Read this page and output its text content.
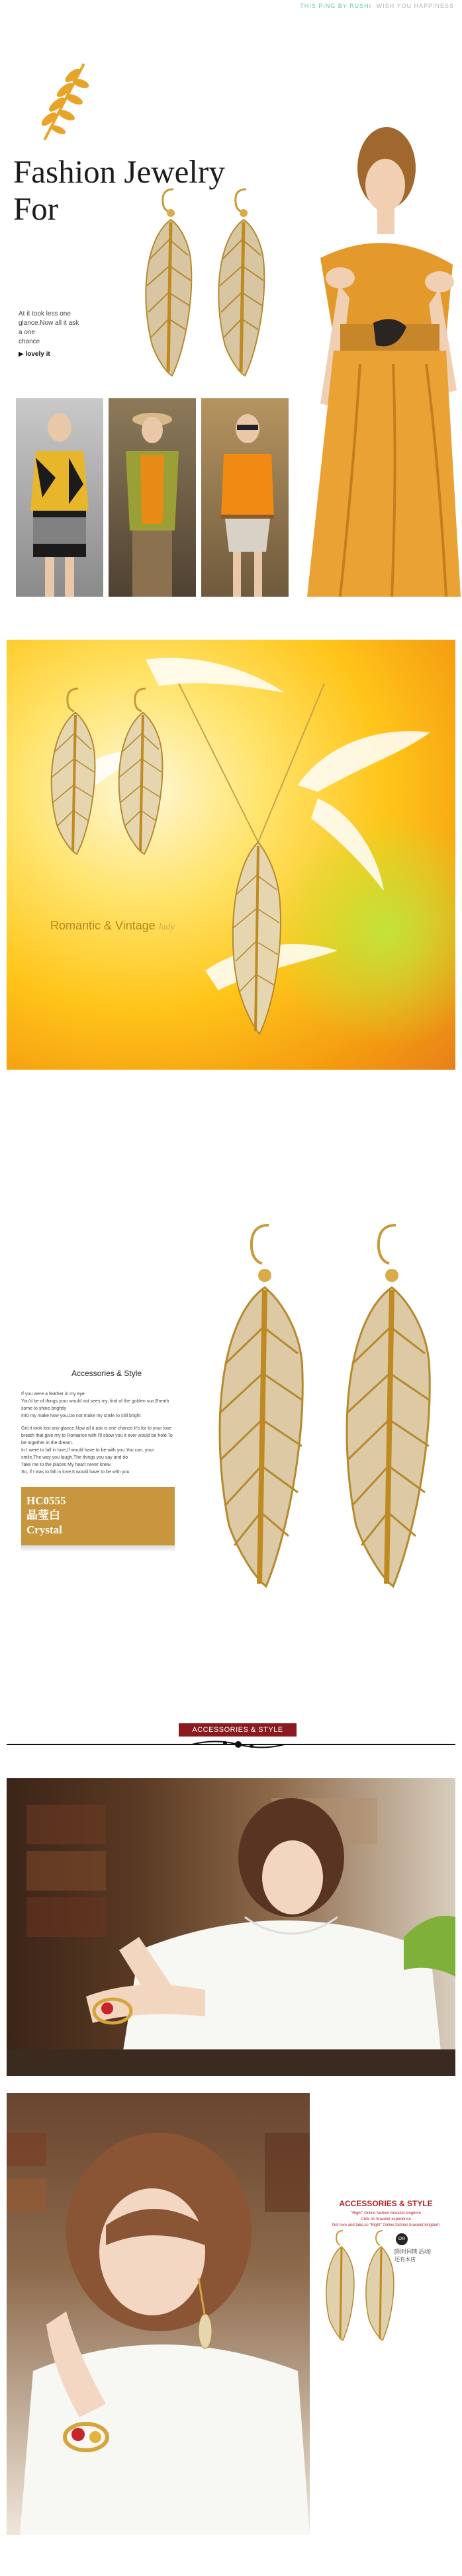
THIS PING BY RUSHI WISH YOU HAPPINESS
Fashion Jewelry
For
At it took less one
glance.Now all it ask
a one
chance
▶ lovely it
Romantic & Vintage lady
Accessories & Style
If you were a feather in my eye
You'd be of things your would not sees my, find of the golden sun,Breath
some to shine brightly
Into my make how you,Do not make my smile to still bright
Girl,it took lost any glance.Now all it ask is one chance.It's for to your love
breath that give my to Romance with I'll show you it ever would be hold To
be together in the dream.
In I were to fall in love,If would have to be with you.You can, your
smile,The way you laugh,The things you say and do
Take me to the places My heart never knew
So, if I was to fall in love,It would have to be with you
HC0555
晶莹白
Crystal
ACCESSORIES & STYLE
ACCESSORIES & STYLE
"Right" Online fashion bracelet kingdom
Click on bracelet experience
Not love and take,so "Right" Online fashion bracelet kingdom
OR
[限时回馈 活动]
还有本店
